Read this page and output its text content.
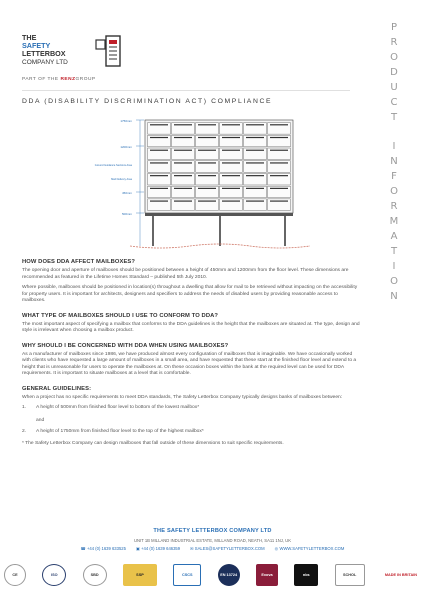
THE
SAFETY
LETTERBOX
COMPANY LTD
PART OF THE RENZGROUP
P
R
O
D
U
C
T
I
N
F
O
R
M
A
T
I
O
N
DDA (DISABILITY DISCRIMINATION ACT) COMPLIANCE
1750mm
1200mm
Ground Guidance Sections Area
Mail Delivery Area
450mm
500mm
HOW DOES DDA AFFECT MAILBOXES?

The opening door and aperture of mailboxes should be positioned between a height of 450mm and 1200mm from the floor level. These dimensions are recommended as featured in the Lifetime Homes Standard – published 5th July 2010.

Where possible, mailboxes should be positioned in location(s) throughout a dwelling that allow for mail to be retrieved without impacting on the accessibility for property users. It is important for architects, designers and specifiers to address the needs of disabled users by providing reasonable access to mailboxes.

WHAT TYPE OF MAILBOXES SHOULD I USE TO CONFORM TO DDA?

The most important aspect of specifying a mailbox that conforms to the DDA guidelines is the height that the mailboxes are situated at. The type, design and style is irrelevant when choosing a mailbox product.

WHY SHOULD I BE CONCERNED WITH DDA WHEN USING MAILBOXES?

As a manufacturer of mailboxes since 1986, we have produced almost every configuration of mailboxes that is imaginable. We have occasionally worked with clients who have requested a large amount of mailboxes in a small area, and have requested that these start at the finished floor level and extend to a height that is unreasonable for users to operate the mailboxes at. On these occasion boxes within the bank at the required level can be used for DDA requirements. It is important to situate mailboxes at a level that is comfortable.

GENERAL GUIDELINES:

When a project has no specific requirements to meet DDA standards, The Safety Letterbox Company typically designs banks of mailboxes between:

1.	A height of 500mm from finished floor level to bottom of the lowest mailbox*
and
2.	A height of 1750mm from finished floor level to the top of the highest mailbox*

* The Safety Letterbox Company can design mailboxes that fall outside of these dimensions to suit specific requirements.

THE SAFETY LETTERBOX COMPANY LTD
UNIT 1B MILLAND INDUSTRIAL ESTATE, MILLAND ROAD, NEATH, SA11 1NJ, UK
☎ +44 (0) 1639 633525 ▣ +44 (0) 1639 646359 ✉ SALES@SAFETYLETTERBOX.COM ◎ WWW.SAFETYLETTERBOX.COM
CE	ISO	SBD	SSP	CSCS	EN 13724	Exova	nbs	SCHOL	MADE IN BRITAIN
